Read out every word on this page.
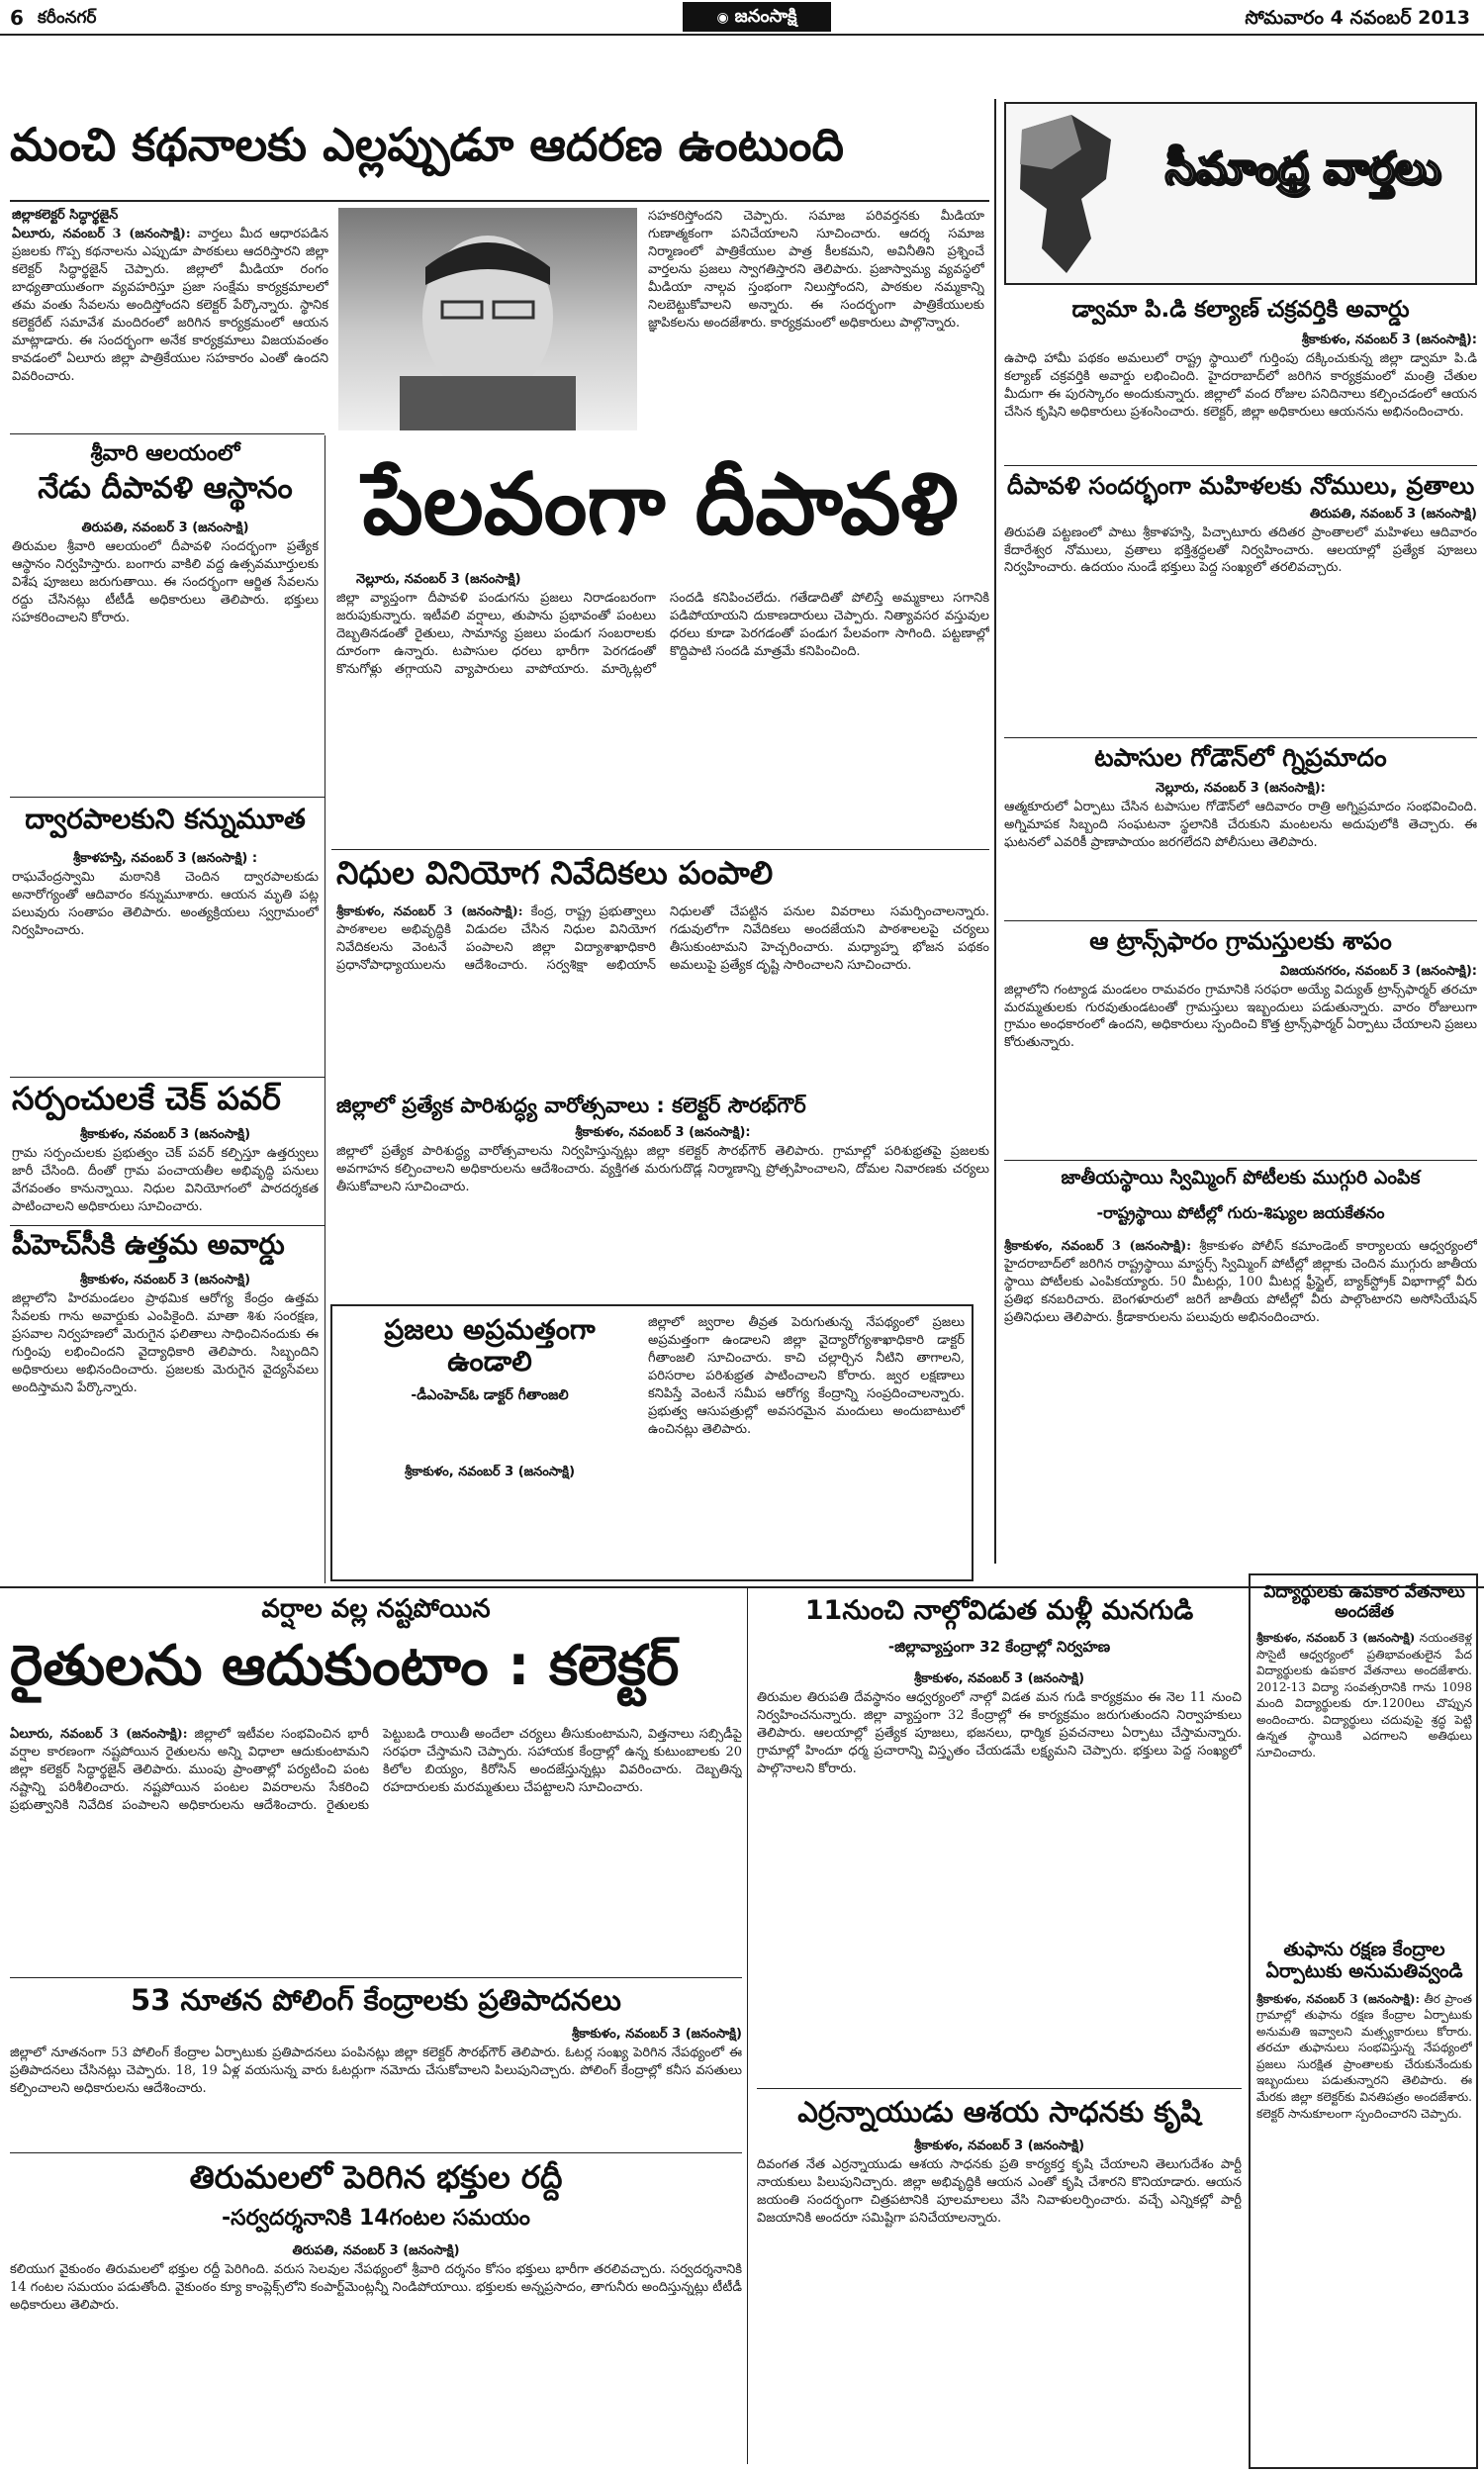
6 కరీంనగర్	◉ జనంసాక్షి	సోమవారం 4 నవంబర్ 2013
మంచి కథనాలకు ఎల్లప్పుడూ ఆదరణ ఉంటుంది
జిల్లాకలెక్టర్ సిద్ధార్థజైన్
ఏలూరు, నవంబర్ 3 (జనంసాక్షి): వార్తలు మీద ఆధారపడిన ప్రజలకు గొప్ప కథనాలను ఎప్పుడూ పాఠకులు ఆదరిస్తారని జిల్లా కలెక్టర్ సిద్ధార్థజైన్ చెప్పారు. జిల్లాలో మీడియా రంగం బాధ్యతాయుతంగా వ్యవహరిస్తూ ప్రజా సంక్షేమ కార్యక్రమాలలో తమ వంతు సేవలను అందిస్తోందని కలెక్టర్ పేర్కొన్నారు. స్థానిక కలెక్టరేట్ సమావేశ మందిరంలో జరిగిన కార్యక్రమంలో ఆయన మాట్లాడారు. ఈ సందర్భంగా అనేక కార్యక్రమాలు విజయవంతం కావడంలో ఏలూరు జిల్లా పాత్రికేయుల సహకారం ఎంతో ఉందని వివరించారు.
సహకరిస్తోందని చెప్పారు. సమాజ పరివర్తనకు మీడియా గుణాత్మకంగా పనిచేయాలని సూచించారు. ఆదర్శ సమాజ నిర్మాణంలో పాత్రికేయుల పాత్ర కీలకమని, అవినీతిని ప్రశ్నించే వార్తలను ప్రజలు స్వాగతిస్తారని తెలిపారు. ప్రజాస్వామ్య వ్యవస్థలో మీడియా నాల్గవ స్తంభంగా నిలుస్తోందని, పాఠకుల నమ్మకాన్ని నిలబెట్టుకోవాలని అన్నారు. ఈ సందర్భంగా పాత్రికేయులకు జ్ఞాపికలను అందజేశారు. కార్యక్రమంలో అధికారులు పాల్గొన్నారు.
సీమాంధ్ర వార్తలు
డ్వామా పి.డి కల్యాణ్ చక్రవర్తికి అవార్డు
శ్రీకాకుళం, నవంబర్ 3 (జనంసాక్షి):
ఉపాధి హామీ పథకం అమలులో రాష్ట్ర స్థాయిలో గుర్తింపు దక్కించుకున్న జిల్లా డ్వామా పి.డి కల్యాణ్ చక్రవర్తికి అవార్డు లభించింది. హైదరాబాద్‌లో జరిగిన కార్యక్రమంలో మంత్రి చేతుల మీదుగా ఈ పురస్కారం అందుకున్నారు. జిల్లాలో వంద రోజుల పనిదినాలు కల్పించడంలో ఆయన చేసిన కృషిని అధికారులు ప్రశంసించారు. కలెక్టర్, జిల్లా అధికారులు ఆయనను అభినందించారు.
దీపావళి సందర్భంగా మహిళలకు నోములు, వ్రతాలు
తిరుపతి, నవంబర్ 3 (జనంసాక్షి)
తిరుపతి పట్టణంలో పాటు శ్రీకాళహస్తి, పిచ్చాటూరు తదితర ప్రాంతాలలో మహిళలు ఆదివారం కేదారేశ్వర నోములు, వ్రతాలు భక్తిశ్రద్ధలతో నిర్వహించారు. ఆలయాల్లో ప్రత్యేక పూజలు నిర్వహించారు. ఉదయం నుండే భక్తులు పెద్ద సంఖ్యలో తరలివచ్చారు.
టపాసుల గోడౌన్‌లో గ్నిప్రమాదం
నెల్లూరు, నవంబర్ 3 (జనంసాక్షి):
ఆత్మకూరులో ఏర్పాటు చేసిన టపాసుల గోడౌన్‌లో ఆదివారం రాత్రి అగ్నిప్రమాదం సంభవించింది. అగ్నిమాపక సిబ్బంది సంఘటనా స్థలానికి చేరుకుని మంటలను అదుపులోకి తెచ్చారు. ఈ ఘటనలో ఎవరికీ ప్రాణాపాయం జరగలేదని పోలీసులు తెలిపారు.
ఆ ట్రాన్స్‌ఫారం గ్రామస్తులకు శాపం
విజయనగరం, నవంబర్ 3 (జనంసాక్షి):
జిల్లాలోని గంట్యాడ మండలం రామవరం గ్రామానికి సరఫరా అయ్యే విద్యుత్ ట్రాన్స్‌ఫార్మర్ తరచూ మరమ్మతులకు గురవుతుండటంతో గ్రామస్తులు ఇబ్బందులు పడుతున్నారు. వారం రోజులుగా గ్రామం అంధకారంలో ఉందని, అధికారులు స్పందించి కొత్త ట్రాన్స్‌ఫార్మర్ ఏర్పాటు చేయాలని ప్రజలు కోరుతున్నారు.
జాతీయస్థాయి స్విమ్మింగ్ పోటీలకు ముగ్గురి ఎంపిక
-రాష్ట్రస్థాయి పోటీల్లో గురు-శిష్యుల జయకేతనం
శ్రీకాకుళం, నవంబర్ 3 (జనంసాక్షి): శ్రీకాకుళం పోలీస్ కమాండెంట్ కార్యాలయ ఆధ్వర్యంలో హైదరాబాద్‌లో జరిగిన రాష్ట్రస్థాయి మాస్టర్స్ స్విమ్మింగ్ పోటీల్లో జిల్లాకు చెందిన ముగ్గురు జాతీయ స్థాయి పోటీలకు ఎంపికయ్యారు. 50 మీటర్లు, 100 మీటర్ల ఫ్రీస్టైల్, బ్యాక్‌స్ట్రోక్ విభాగాల్లో వీరు ప్రతిభ కనబరిచారు. బెంగళూరులో జరిగే జాతీయ పోటీల్లో వీరు పాల్గొంటారని అసోసియేషన్ ప్రతినిధులు తెలిపారు. క్రీడాకారులను పలువురు అభినందించారు.
శ్రీవారి ఆలయంలో
నేడు దీపావళి ఆస్థానం
తిరుపతి, నవంబర్ 3 (జనంసాక్షి)
తిరుమల శ్రీవారి ఆలయంలో దీపావళి సందర్భంగా ప్రత్యేక ఆస్థానం నిర్వహిస్తారు. బంగారు వాకిలి వద్ద ఉత్సవమూర్తులకు విశేష పూజలు జరుగుతాయి. ఈ సందర్భంగా ఆర్జిత సేవలను రద్దు చేసినట్లు టీటీడీ అధికారులు తెలిపారు. భక్తులు సహకరించాలని కోరారు.
ద్వారపాలకుని కన్నుమూత
శ్రీకాళహస్తి, నవంబర్ 3 (జనంసాక్షి) :
రాఘవేంద్రస్వామి మఠానికి చెందిన ద్వారపాలకుడు అనారోగ్యంతో ఆదివారం కన్నుమూశారు. ఆయన మృతి పట్ల పలువురు సంతాపం తెలిపారు. అంత్యక్రియలు స్వగ్రామంలో నిర్వహించారు.
సర్పంచులకే చెక్ పవర్
శ్రీకాకుళం, నవంబర్ 3 (జనంసాక్షి)
గ్రామ సర్పంచులకు ప్రభుత్వం చెక్ పవర్ కల్పిస్తూ ఉత్తర్వులు జారీ చేసింది. దీంతో గ్రామ పంచాయతీల అభివృద్ధి పనులు వేగవంతం కానున్నాయి. నిధుల వినియోగంలో పారదర్శకత పాటించాలని అధికారులు సూచించారు.
పీహెచ్‌సీకి ఉత్తమ అవార్డు
శ్రీకాకుళం, నవంబర్ 3 (జనంసాక్షి)
జిల్లాలోని హిరమండలం ప్రాథమిక ఆరోగ్య కేంద్రం ఉత్తమ సేవలకు గాను అవార్డుకు ఎంపికైంది. మాతా శిశు సంరక్షణ, ప్రసవాల నిర్వహణలో మెరుగైన ఫలితాలు సాధించినందుకు ఈ గుర్తింపు లభించిందని వైద్యాధికారి తెలిపారు. సిబ్బందిని అధికారులు అభినందించారు. ప్రజలకు మెరుగైన వైద్యసేవలు అందిస్తామని పేర్కొన్నారు.
పేలవంగా దీపావళి
నెల్లూరు, నవంబర్ 3 (జనంసాక్షి)
జిల్లా వ్యాప్తంగా దీపావళి పండుగను ప్రజలు నిరాడంబరంగా జరుపుకున్నారు. ఇటీవలి వర్షాలు, తుపాను ప్రభావంతో పంటలు దెబ్బతినడంతో రైతులు, సామాన్య ప్రజలు పండుగ సంబరాలకు దూరంగా ఉన్నారు. టపాసుల ధరలు భారీగా పెరగడంతో కొనుగోళ్లు తగ్గాయని వ్యాపారులు వాపోయారు. మార్కెట్లలో సందడి కనిపించలేదు. గతేడాదితో పోలిస్తే అమ్మకాలు సగానికి పడిపోయాయని దుకాణదారులు చెప్పారు. నిత్యావసర వస్తువుల ధరలు కూడా పెరగడంతో పండుగ పేలవంగా సాగింది. పట్టణాల్లో కొద్దిపాటి సందడి మాత్రమే కనిపించింది.
నిధుల వినియోగ నివేదికలు పంపాలి
శ్రీకాకుళం, నవంబర్ 3 (జనంసాక్షి): కేంద్ర, రాష్ట్ర ప్రభుత్వాలు పాఠశాలల అభివృద్ధికి విడుదల చేసిన నిధుల వినియోగ నివేదికలను వెంటనే పంపాలని జిల్లా విద్యాశాఖాధికారి ప్రధానోపాధ్యాయులను ఆదేశించారు. సర్వశిక్షా అభియాన్ నిధులతో చేపట్టిన పనుల వివరాలు సమర్పించాలన్నారు. గడువులోగా నివేదికలు అందజేయని పాఠశాలలపై చర్యలు తీసుకుంటామని హెచ్చరించారు. మధ్యాహ్న భోజన పథకం అమలుపై ప్రత్యేక దృష్టి సారించాలని సూచించారు.
జిల్లాలో ప్రత్యేక పారిశుద్ధ్య వారోత్సవాలు : కలెక్టర్ సౌరభ్‌గౌర్
శ్రీకాకుళం, నవంబర్ 3 (జనంసాక్షి):
జిల్లాలో ప్రత్యేక పారిశుద్ధ్య వారోత్సవాలను నిర్వహిస్తున్నట్లు జిల్లా కలెక్టర్ సౌరభ్‌గౌర్ తెలిపారు. గ్రామాల్లో పరిశుభ్రతపై ప్రజలకు అవగాహన కల్పించాలని అధికారులను ఆదేశించారు. వ్యక్తిగత మరుగుదొడ్ల నిర్మాణాన్ని ప్రోత్సహించాలని, దోమల నివారణకు చర్యలు తీసుకోవాలని సూచించారు.
ప్రజలు అప్రమత్తంగా ఉండాలి
-డీఎంహెచ్‌ఓ డాక్టర్ గీతాంజలి
శ్రీకాకుళం, నవంబర్ 3 (జనంసాక్షి)
జిల్లాలో జ్వరాల తీవ్రత పెరుగుతున్న నేపథ్యంలో ప్రజలు అప్రమత్తంగా ఉండాలని జిల్లా వైద్యారోగ్యశాఖాధికారి డాక్టర్ గీతాంజలి సూచించారు. కాచి చల్లార్చిన నీటిని తాగాలని, పరిసరాల పరిశుభ్రత పాటించాలని కోరారు. జ్వర లక్షణాలు కనిపిస్తే వెంటనే సమీప ఆరోగ్య కేంద్రాన్ని సంప్రదించాలన్నారు. ప్రభుత్వ ఆసుపత్రుల్లో అవసరమైన మందులు అందుబాటులో ఉంచినట్లు తెలిపారు.
వర్షాల వల్ల నష్టపోయిన
రైతులను ఆదుకుంటాం : కలెక్టర్
ఏలూరు, నవంబర్ 3 (జనంసాక్షి): జిల్లాలో ఇటీవల సంభవించిన భారీ వర్షాల కారణంగా నష్టపోయిన రైతులను అన్ని విధాలా ఆదుకుంటామని జిల్లా కలెక్టర్ సిద్ధార్థజైన్ తెలిపారు. ముంపు ప్రాంతాల్లో పర్యటించి పంట నష్టాన్ని పరిశీలించారు. నష్టపోయిన పంటల వివరాలను సేకరించి ప్రభుత్వానికి నివేదిక పంపాలని అధికారులను ఆదేశించారు. రైతులకు పెట్టుబడి రాయితీ అందేలా చర్యలు తీసుకుంటామని, విత్తనాలు సబ్సిడీపై సరఫరా చేస్తామని చెప్పారు. సహాయక కేంద్రాల్లో ఉన్న కుటుంబాలకు 20 కిలోల బియ్యం, కిరోసిన్ అందజేస్తున్నట్లు వివరించారు. దెబ్బతిన్న రహదారులకు మరమ్మతులు చేపట్టాలని సూచించారు.
53 నూతన పోలింగ్ కేంద్రాలకు ప్రతిపాదనలు
శ్రీకాకుళం, నవంబర్ 3 (జనంసాక్షి)
జిల్లాలో నూతనంగా 53 పోలింగ్ కేంద్రాల ఏర్పాటుకు ప్రతిపాదనలు పంపినట్లు జిల్లా కలెక్టర్ సౌరభ్‌గౌర్ తెలిపారు. ఓటర్ల సంఖ్య పెరిగిన నేపథ్యంలో ఈ ప్రతిపాదనలు చేసినట్లు చెప్పారు. 18, 19 ఏళ్ల వయసున్న వారు ఓటర్లుగా నమోదు చేసుకోవాలని పిలుపునిచ్చారు. పోలింగ్ కేంద్రాల్లో కనీస వసతులు కల్పించాలని అధికారులను ఆదేశించారు.
తిరుమలలో పెరిగిన భక్తుల రద్దీ
-సర్వదర్శనానికి 14గంటల సమయం
తిరుపతి, నవంబర్ 3 (జనంసాక్షి)
కలియుగ వైకుంఠం తిరుమలలో భక్తుల రద్దీ పెరిగింది. వరుస సెలవుల నేపథ్యంలో శ్రీవారి దర్శనం కోసం భక్తులు భారీగా తరలివచ్చారు. సర్వదర్శనానికి 14 గంటల సమయం పడుతోంది. వైకుంఠం క్యూ కాంప్లెక్స్‌లోని కంపార్ట్‌మెంట్లన్నీ నిండిపోయాయి. భక్తులకు అన్నప్రసాదం, తాగునీరు అందిస్తున్నట్లు టీటీడీ అధికారులు తెలిపారు.
11నుంచి నాల్గోవిడుత మళ్లీ మనగుడి
-జిల్లావ్యాప్తంగా 32 కేంద్రాల్లో నిర్వహణ
శ్రీకాకుళం, నవంబర్ 3 (జనంసాక్షి)
తిరుమల తిరుపతి దేవస్థానం ఆధ్వర్యంలో నాల్గో విడత మన గుడి కార్యక్రమం ఈ నెల 11 నుంచి నిర్వహించనున్నారు. జిల్లా వ్యాప్తంగా 32 కేంద్రాల్లో ఈ కార్యక్రమం జరుగుతుందని నిర్వాహకులు తెలిపారు. ఆలయాల్లో ప్రత్యేక పూజలు, భజనలు, ధార్మిక ప్రవచనాలు ఏర్పాటు చేస్తామన్నారు. గ్రామాల్లో హిందూ ధర్మ ప్రచారాన్ని విస్తృతం చేయడమే లక్ష్యమని చెప్పారు. భక్తులు పెద్ద సంఖ్యలో పాల్గొనాలని కోరారు.
ఎర్రన్నాయుడు ఆశయ సాధనకు కృషి
శ్రీకాకుళం, నవంబర్ 3 (జనంసాక్షి)
దివంగత నేత ఎర్రన్నాయుడు ఆశయ సాధనకు ప్రతి కార్యకర్త కృషి చేయాలని తెలుగుదేశం పార్టీ నాయకులు పిలుపునిచ్చారు. జిల్లా అభివృద్ధికి ఆయన ఎంతో కృషి చేశారని కొనియాడారు. ఆయన జయంతి సందర్భంగా చిత్రపటానికి పూలమాలలు వేసి నివాళులర్పించారు. వచ్చే ఎన్నికల్లో పార్టీ విజయానికి అందరూ సమిష్టిగా పనిచేయాలన్నారు.
విద్యార్థులకు ఉపకార వేతనాలు అందజేత
శ్రీకాకుళం, నవంబర్ 3 (జనంసాక్షి) నయంతకెళ్ల సొసైటీ ఆధ్వర్యంలో ప్రతిభావంతులైన పేద విద్యార్థులకు ఉపకార వేతనాలు అందజేశారు. 2012-13 విద్యా సంవత్సరానికి గాను 1098 మంది విద్యార్థులకు రూ.1200లు చొప్పున అందించారు. విద్యార్థులు చదువుపై శ్రద్ధ పెట్టి ఉన్నత స్థాయికి ఎదగాలని అతిథులు సూచించారు.
తుఫాను రక్షణ కేంద్రాల ఏర్పాటుకు అనుమతివ్వండి
శ్రీకాకుళం, నవంబర్ 3 (జనంసాక్షి): తీర ప్రాంత గ్రామాల్లో తుఫాను రక్షణ కేంద్రాల ఏర్పాటుకు అనుమతి ఇవ్వాలని మత్స్యకారులు కోరారు. తరచూ తుఫానులు సంభవిస్తున్న నేపథ్యంలో ప్రజలు సురక్షిత ప్రాంతాలకు చేరుకునేందుకు ఇబ్బందులు పడుతున్నారని తెలిపారు. ఈ మేరకు జిల్లా కలెక్టర్‌కు వినతిపత్రం అందజేశారు. కలెక్టర్ సానుకూలంగా స్పందించారని చెప్పారు.
